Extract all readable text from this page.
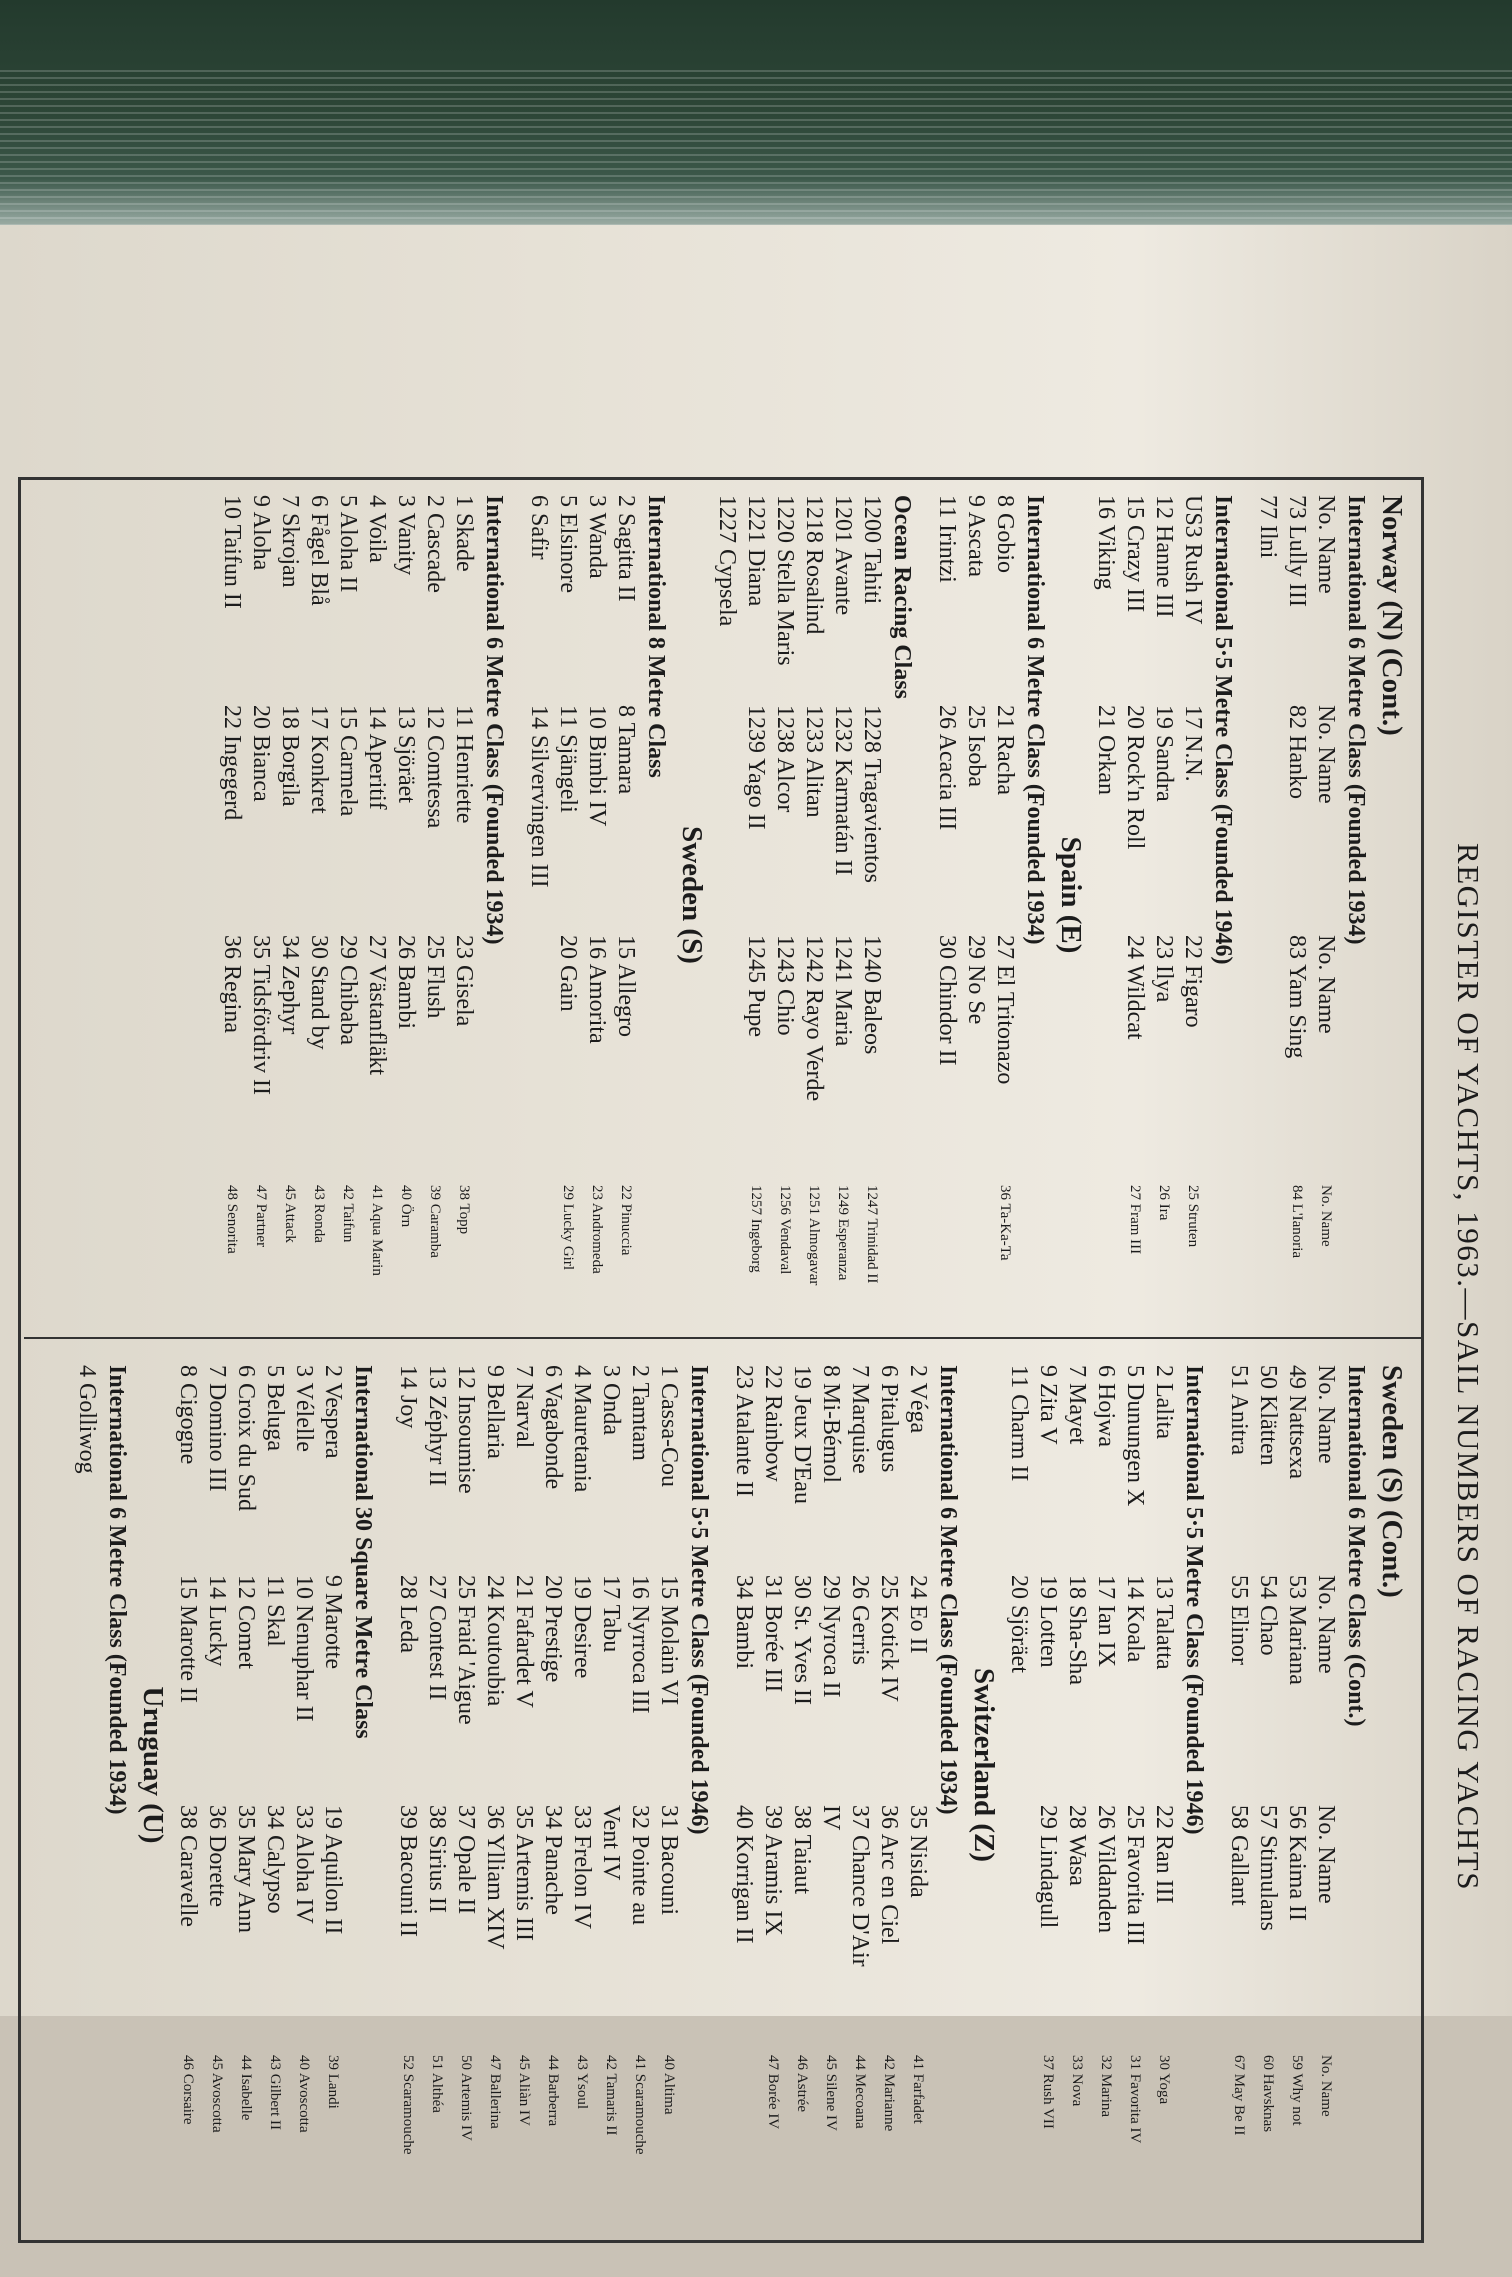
REGISTER OF YACHTS, 1963.—SAIL NUMBERS OF RACING YACHTS
Norway (N) (Cont.)
International 6 Metre Class (Founded 1934)
No. Name
No. Name
No. Name
No. Name
73 Lully III
82 Hanko
83 Yam Sing
84 L'Ianoria
77 Ilni
International 5·5 Metre Class (Founded 1946)
US3 Rush IV
17 N.N.
22 Figaro
25 Struten
12 Hanne III
19 Sandra
23 Ilya
26 Ira
15 Crazy III
20 Rock'n Roll
24 Wildcat
27 Fram III
16 Viking
21 Orkan
Spain (E)
International 6 Metre Class (Founded 1934)
8 Gobio
21 Racha
27 El Tritonazo
36 Ta-Ka-Ta
9 Ascata
25 Isoba
29 No Se
11 Irintzi
26 Acacia III
30 Chindor II
Ocean Racing Class
1200 Tahiti
1228 Tragavientos
1240 Baleos
1247 Trinidad II
1201 Avante
1232 Karmatán II
1241 Maria
1249 Esperanza
1218 Rosalind
1233 Alitan
1242 Rayo Verde
1251 Almogavar
1220 Stella Maris
1238 Alcor
1243 Chio
1256 Vendaval
1221 Diana
1239 Yago II
1245 Pupe
1257 Ingeborg
1227 Cypsela
Sweden (S)
International 8 Metre Class
2 Sagitta II
8 Tamara
15 Allegro
22 Pinuccia
3 Wanda
10 Bimbi IV
16 Amorita
23 Andromeda
5 Elsinore
11 Sjängeli
20 Gain
29 Lucky Girl
6 Safir
14 Silvervingen III
International 6 Metre Class (Founded 1934)
1 Skade
11 Henriette
23 Gisela
38 Topp
2 Cascade
12 Comtessa
25 Flush
39 Caramba
3 Vanity
13 Sjöräet
26 Bambi
40 Örn
4 Voila
14 Aperitif
27 Västanfläkt
41 Aqua Marin
5 Aloha II
15 Carmela
29 Chibaba
42 Taifun
6 Fågel Blå
17 Konkret
30 Stand by
43 Ronda
7 Skrojan
18 Borgila
34 Zephyr
45 Attack
9 Aloha
20 Bianca
35 Tidsfördriv II
47 Partner
10 Taifun II
22 Ingegerd
36 Regina
48 Senorita
Sweden (S) (Cont.)
International 6 Metre Class (Cont.)
No. Name
No. Name
No. Name
No. Name
49 Nattsexa
53 Mariana
56 Kaima II
59 Why not
50 Klätten
54 Chao
57 Stimulans
60 Havsknas
51 Anitra
55 Elinor
58 Gallant
67 May Be II
International 5·5 Metre Class (Founded 1946)
2 Lalita
13 Talatta
22 Ran III
30 Yoga
5 Dunungen X
14 Koala
25 Favorita III
31 Favorita IV
6 Hojwa
17 Ian IX
26 Vildanden
32 Marina
7 Mayet
18 Sha-Sha
28 Wasa
33 Nova
9 Zita V
19 Lotten
29 Lindagull
37 Rush VII
11 Charm II
20 Sjöräet
Switzerland (Z)
International 6 Metre Class (Founded 1934)
2 Véga
24 Eo II
35 Nisida
41 Farfadet
6 Pitalugus
25 Kotick IV
36 Arc en Ciel
42 Marianne
7 Marquise
26 Gerris
37 Chance D'Air
44 Mecoana
8 Mi-Bémol
29 Nyroca II
IV
45 Silene IV
19 Jeux D'Eau
30 St. Yves II
38 Taiaut
46 Astrée
22 Rainbow
31 Borée III
39 Aramis IX
47 Borée IV
23 Atalante II
34 Bambi
40 Korrigan II
International 5·5 Metre Class (Founded 1946)
1 Cassa-Cou
15 Molain VI
31 Bacouni
40 Altima
2 Tamtam
16 Nyrroca III
32 Pointe au
41 Scaramouche
3 Onda
17 Tabu
Vent IV
42 Tamaris II
4 Mauretania
19 Desiree
33 Frelon IV
43 Ysoul
6 Vagabonde
20 Prestige
34 Panache
44 Barberra
7 Narval
21 Fafardet V
35 Artemis III
45 Aliàn IV
9 Bellaria
24 Koutoubia
36 Ylliam XIV
47 Ballerina
12 Insoumise
25 Fraid 'Aigue
37 Opale II
50 Artemis IV
13 Zéphyr II
27 Contest II
38 Sirius II
51 Althéa
14 Joy
28 Leda
39 Bacouni II
52 Scaramouche
International 30 Square Metre Class
2 Vespera
9 Marotte
19 Aquilon II
39 Landi
3 Vélelle
10 Nenuphar II
33 Aloha IV
40 Avoscotta
5 Beluga
11 Skal
34 Calypso
43 Gilbert II
6 Croix du Sud
12 Comet
35 Mary Ann
44 Isabelle
7 Domino III
14 Lucky
36 Dorette
45 Avoscotta
8 Cigogne
15 Marotte II
38 Caravelle
46 Corsaire
Uruguay (U)
International 6 Metre Class (Founded 1934)
4 Golliwog
